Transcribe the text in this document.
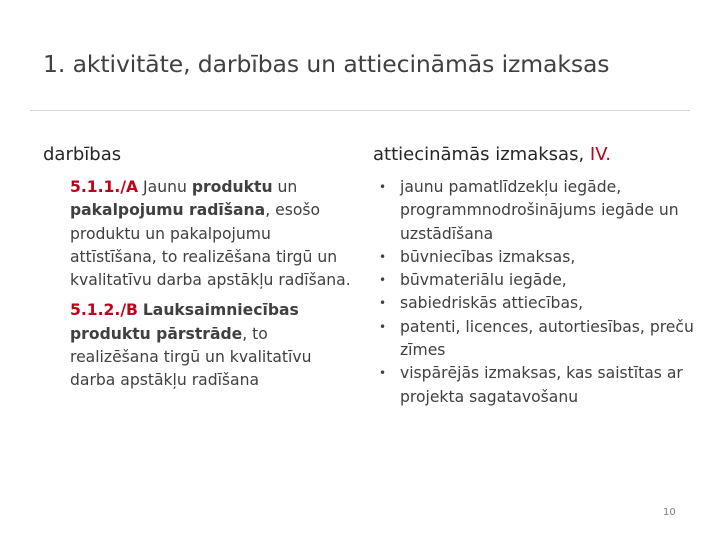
1. aktivitāte, darbības un attiecināmās izmaksas
darbības	attiecināmās izmaksas, IV.

5.1.1./A Jaunu produktu un pakalpojumu radīšana, esošo produktu un pakalpojumu attīstīšana, to realizēšana tirgū un kvalitatīvu darba apstākļu radīšana.

5.1.2./B Lauksaimniecības produktu pārstrāde, to realizēšana tirgū un kvalitatīvu darba apstākļu radīšana

• jaunu pamatlīdzekļu iegāde, programmnodrošinājums iegāde un uzstādīšana
• būvniecības izmaksas,
• būvmateriālu iegāde,
• sabiedriskās attiecības,
• patenti, licences, autortiesības, preču zīmes
• vispārējās izmaksas, kas saistītas ar projekta sagatavošanu
10
